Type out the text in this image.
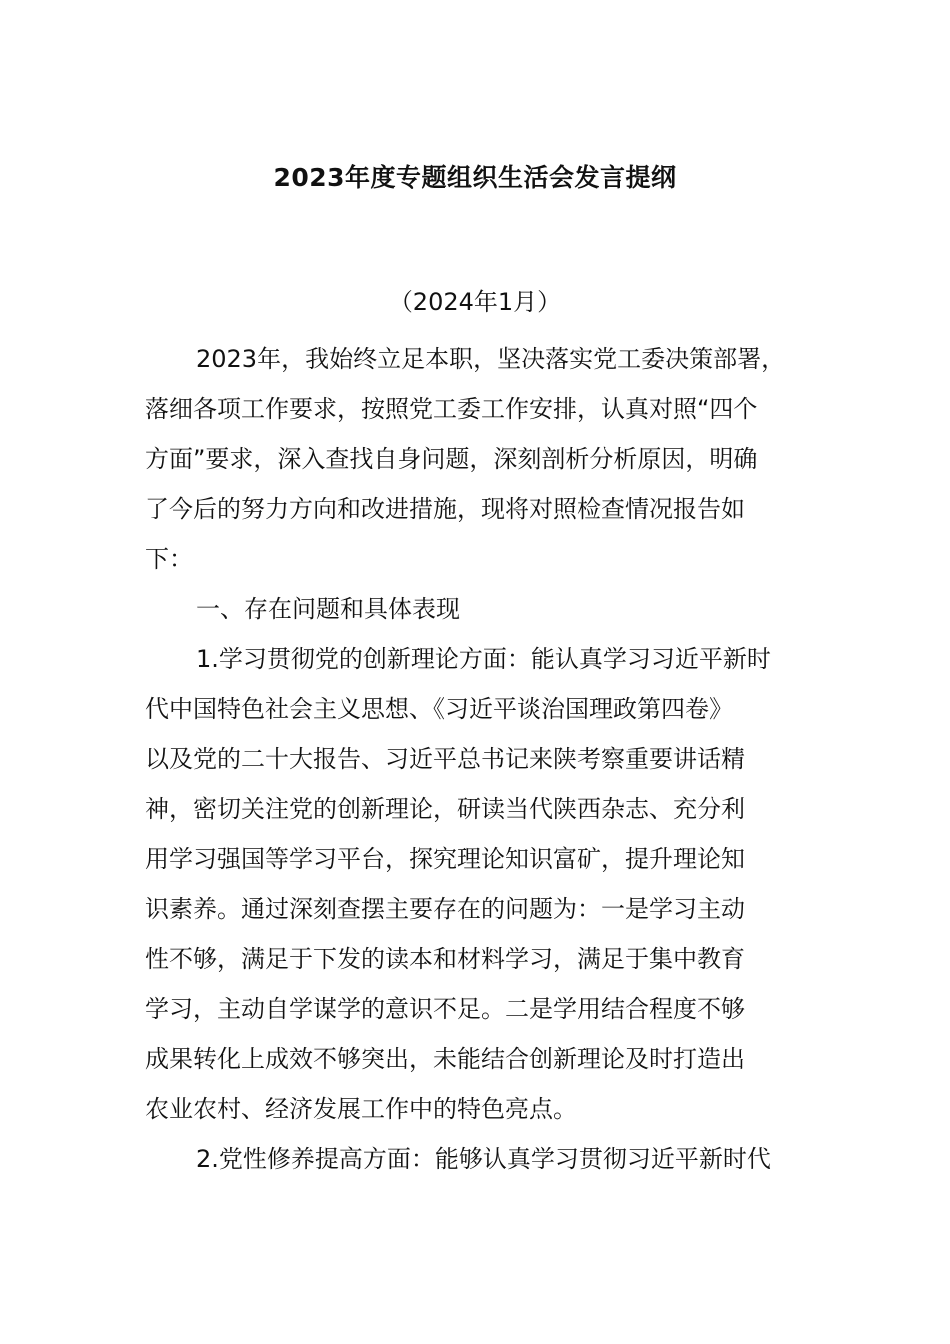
2023年度专题组织生活会发言提纲
（2024年1月）
2023年，我始终立足本职，坚决落实党工委决策部署，
落细各项工作要求，按照党工委工作安排，认真对照“四个
方面”要求，深入查找自身问题，深刻剖析分析原因，明确
了今后的努力方向和改进措施，现将对照检查情况报告如
下：
一、存在问题和具体表现
1.学习贯彻党的创新理论方面：能认真学习习近平新时
代中国特色社会主义思想、《习近平谈治国理政第四卷》
以及党的二十大报告、习近平总书记来陕考察重要讲话精
神，密切关注党的创新理论，研读当代陕西杂志、充分利
用学习强国等学习平台，探究理论知识富矿，提升理论知
识素养。通过深刻查摆主要存在的问题为：一是学习主动
性不够，满足于下发的读本和材料学习，满足于集中教育
学习，主动自学谋学的意识不足。二是学用结合程度不够
成果转化上成效不够突出，未能结合创新理论及时打造出
农业农村、经济发展工作中的特色亮点。
2.党性修养提高方面：能够认真学习贯彻习近平新时代
